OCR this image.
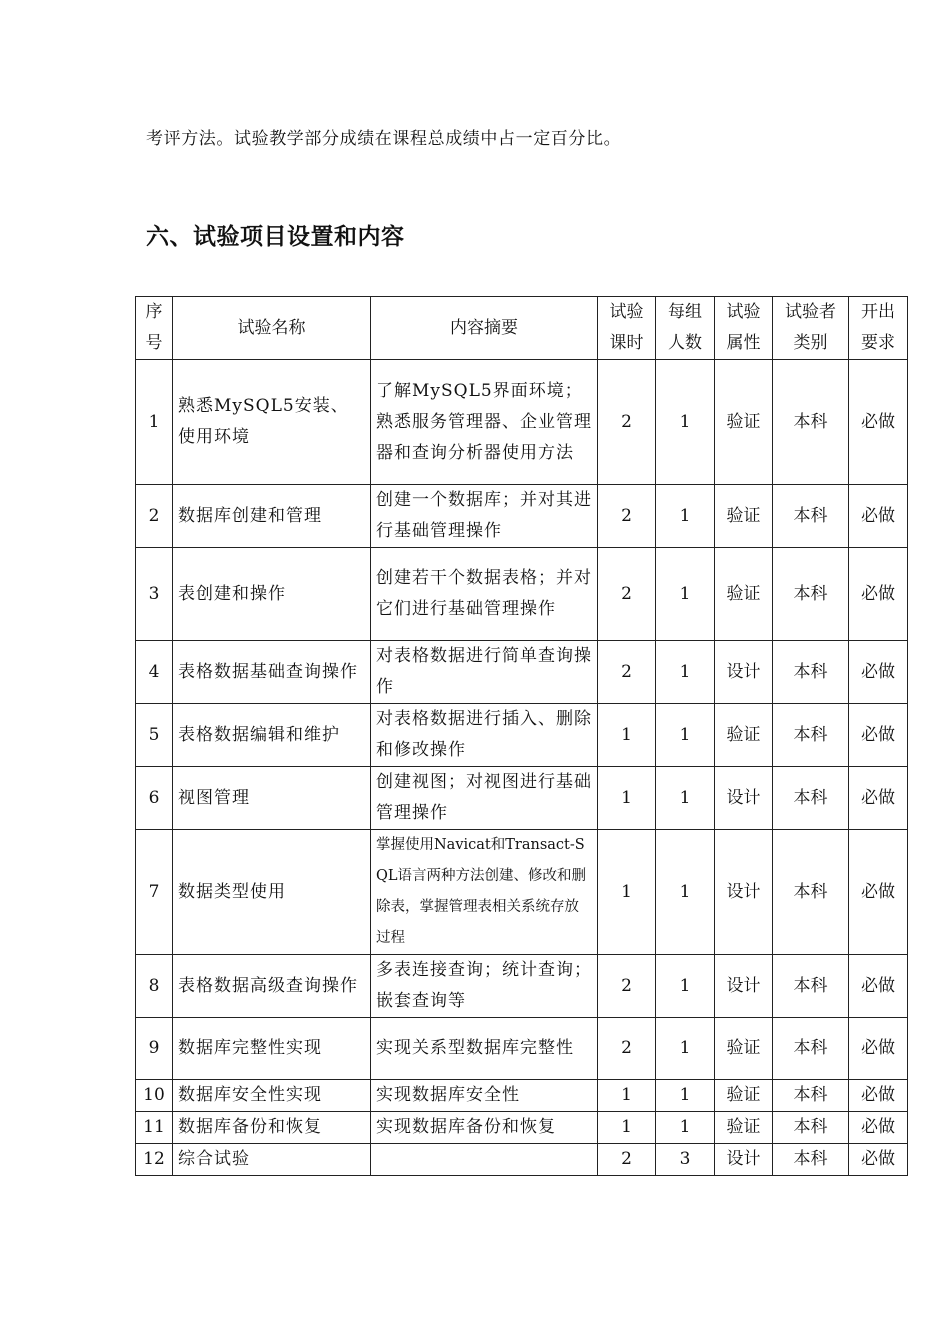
考评方法。试验教学部分成绩在课程总成绩中占一定百分比。

六、试验项目设置和内容
序号	试验名称	内容摘要	试验课时	每组人数	试验属性	试验者类别	开出要求
1	熟悉MySQL5安装、使用环境	了解MySQL5界面环境；熟悉服务管理器、企业管理器和查询分析器使用方法	2	1	验证	本科	必做
2	数据库创建和管理	创建一个数据库；并对其进行基础管理操作	2	1	验证	本科	必做
3	表创建和操作	创建若干个数据表格；并对它们进行基础管理操作	2	1	验证	本科	必做
4	表格数据基础查询操作	对表格数据进行简单查询操作	2	1	设计	本科	必做
5	表格数据编辑和维护	对表格数据进行插入、删除和修改操作	1	1	验证	本科	必做
6	视图管理	创建视图；对视图进行基础管理操作	1	1	设计	本科	必做
7	数据类型使用	掌握使用Navicat和Transact-SQL语言两种方法创建、修改和删除表，掌握管理表相关系统存放过程	1	1	设计	本科	必做
8	表格数据高级查询操作	多表连接查询；统计查询；嵌套查询等	2	1	设计	本科	必做
9	数据库完整性实现	实现关系型数据库完整性	2	1	验证	本科	必做
10	数据库安全性实现	实现数据库安全性	1	1	验证	本科	必做
11	数据库备份和恢复	实现数据库备份和恢复	1	1	验证	本科	必做
12	综合试验		2	3	设计	本科	必做
